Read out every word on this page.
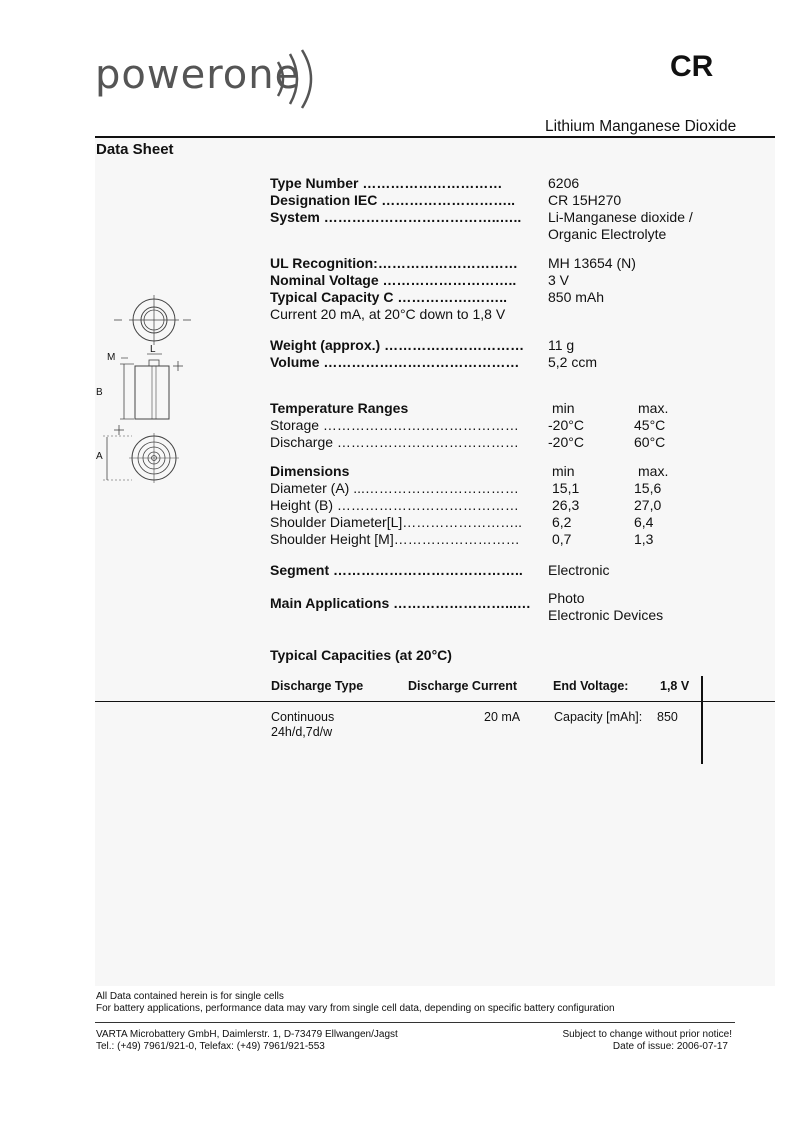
powerone	CR
Lithium Manganese Dioxide
Data Sheet
Type Number …………………………	6206
Designation IEC ……………………….. CR 15H270
System ………………………………..….. Li-Manganese dioxide /
Organic Electrolyte
UL Recognition:………………………… MH 13654 (N)
Nominal Voltage ……………………….. 3 V
Typical Capacity C …………….……..	850 mAh
Current 20 mA, at 20°C down to 1,8 V
Weight (approx.) ………………………… 11 g
Volume …………………………………… 5,2 ccm
Temperature Ranges	min	max.
Storage …………………………………… -20°C	45°C
Discharge ………………………………… -20°C	60°C
Dimensions	min	max.
Diameter (A) ...…………………………… 15,1	15,6
Height (B) ………………………………… 26,3	27,0
Shoulder Diameter[L]…………………….. 6,2	6,4
Shoulder Height [M]……………………… 0,7	1,3
Segment ………………………………….. Electronic
Main Applications ……………………...… Photo
Electronic Devices
Typical Capacities (at 20°C)
Discharge Type	Discharge Current	End Voltage:	1,8 V
Continuous
24h/d,7d/w
20 mA	Capacity [mAh]: 850
M
L
B
A
All Data contained herein is for single cells
For battery applications, performance data may vary from single cell data, depending on specific battery configuration
VARTA Microbattery GmbH, Daimlerstr. 1, D-73479 Ellwangen/Jagst
Tel.: (+49) 7961/921-0, Telefax: (+49) 7961/921-553
Subject to change without prior notice!
Date of issue: 2006-07-17
